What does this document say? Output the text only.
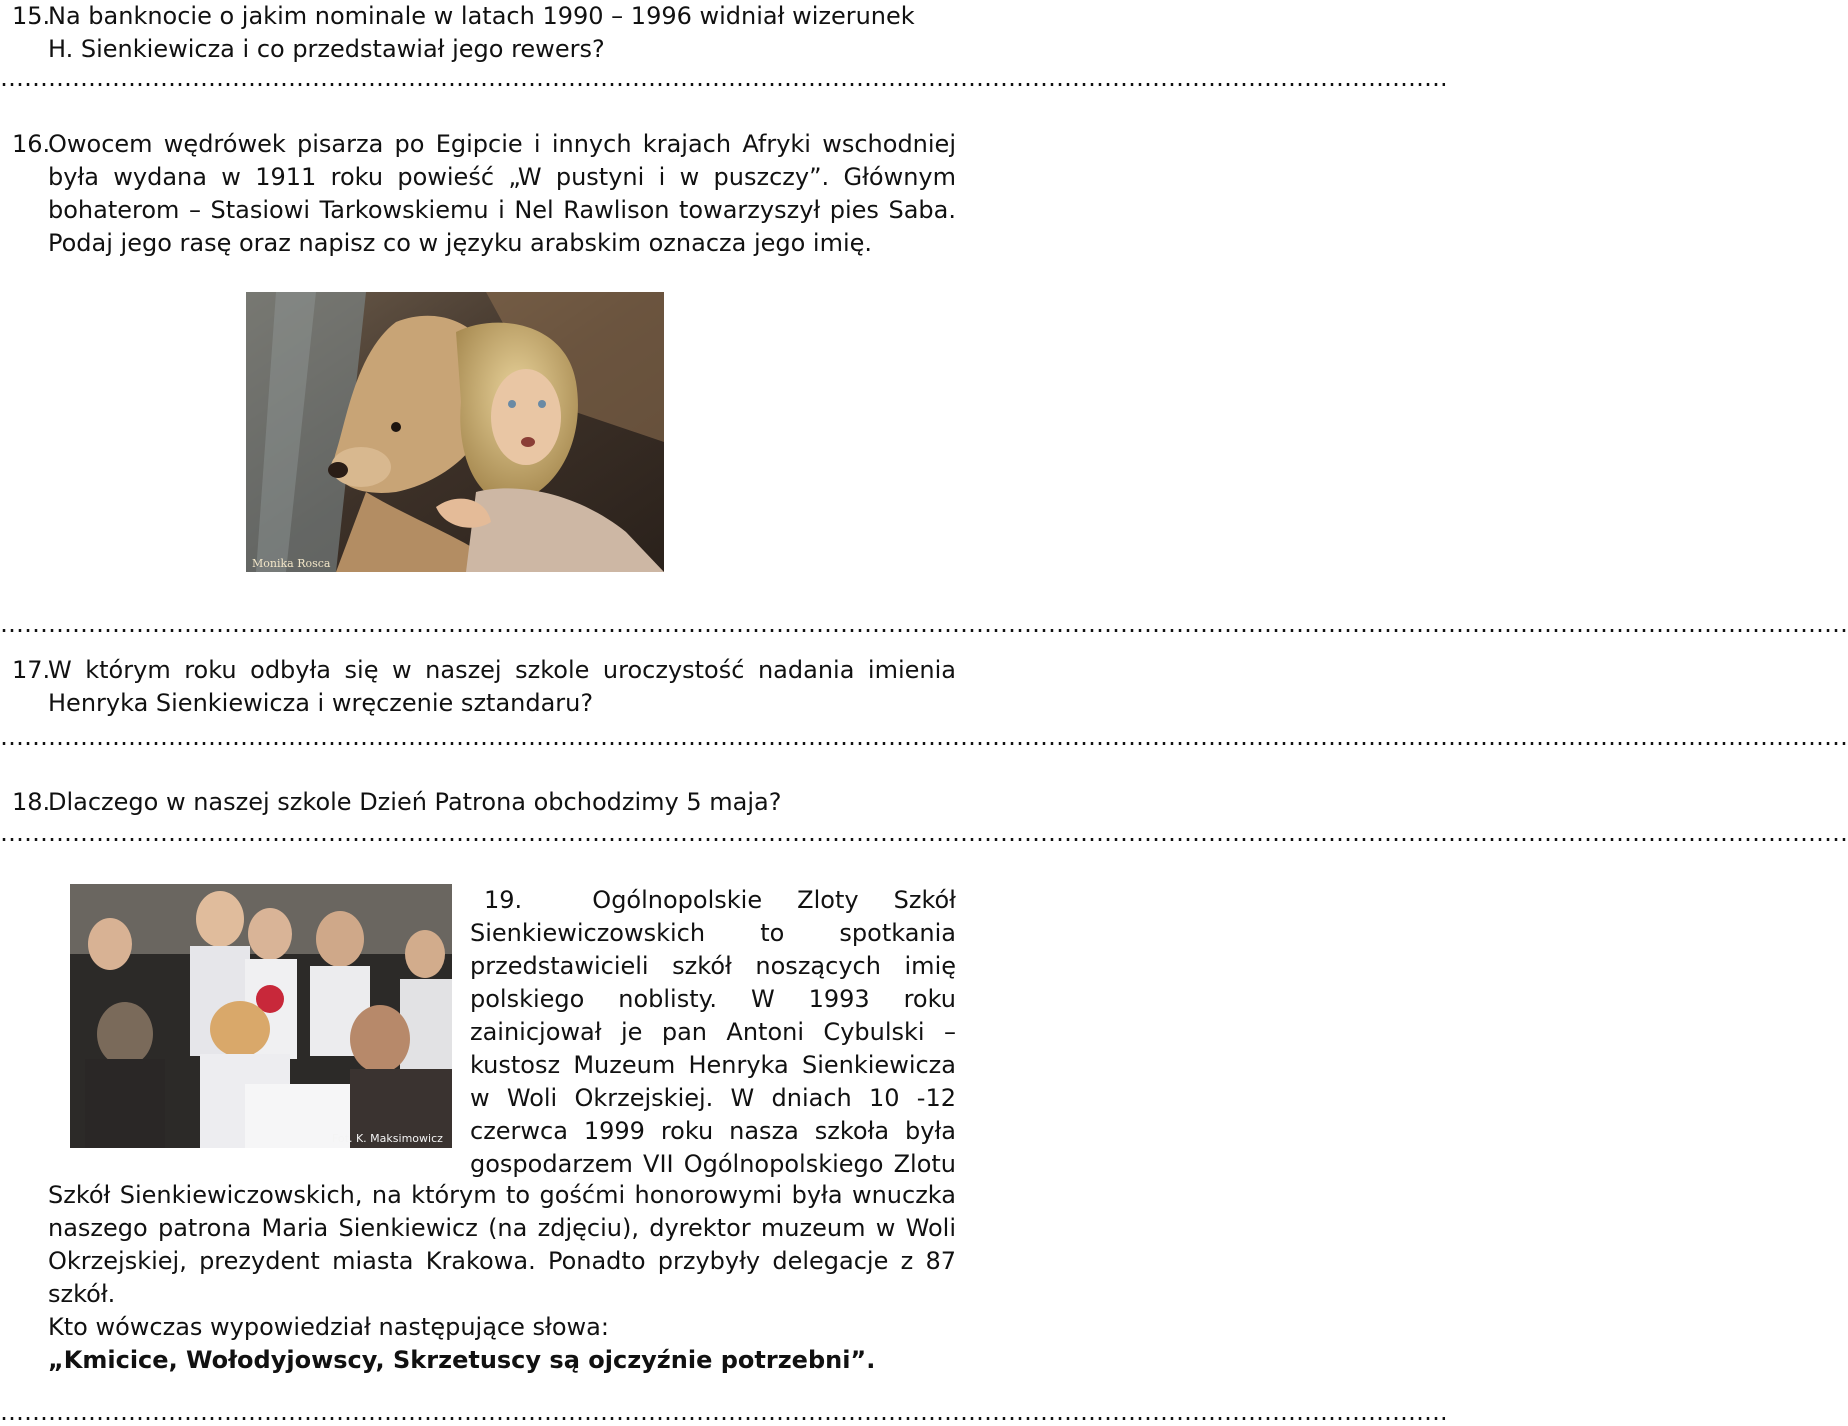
15.Na banknocie o jakim nominale w latach 1990 – 1996 widniał wizerunek
H. Sienkiewicza i co przedstawiał jego rewers?
……………………………………………………………………………………………………………………………………………………………….
16.Owocem wędrówek pisarza po Egipcie i innych krajach Afryki wschodniej
była wydana w 1911 roku powieść „W pustyni i w puszczy”. Głównym
bohaterom – Stasiowi Tarkowskiemu i Nel Rawlison towarzyszył pies Saba.
Podaj jego rasę oraz napisz co w języku arabskim oznacza jego imię.
Monika Rosca
……………………………………………………………………………………………………………………………………………………………………………………………………………
17.W którym roku odbyła się w naszej szkole uroczystość nadania imienia
Henryka Sienkiewicza i wręczenie sztandaru?
……………………………………………………………………………………………………………………………………………………………………………………………………………
18.Dlaczego w naszej szkole Dzień Patrona obchodzimy 5 maja?
……………………………………………………………………………………………………………………………………………………………………………………………………………
Fot. K. Maksimowicz
19.	Ogólnopolskie Zloty Szkół
Sienkiewiczowskich to spotkania
przedstawicieli szkół noszących imię
polskiego noblisty. W 1993 roku
zainicjował je pan Antoni Cybulski –
kustosz Muzeum Henryka Sienkiewicza
w Woli Okrzejskiej. W dniach 10 -12
czerwca 1999 roku nasza szkoła była
gospodarzem VII Ogólnopolskiego Zlotu
Szkół Sienkiewiczowskich, na którym to gośćmi honorowymi była wnuczka
naszego patrona Maria Sienkiewicz (na zdjęciu), dyrektor muzeum w Woli
Okrzejskiej, prezydent miasta Krakowa. Ponadto przybyły delegacje z 87
szkół.
Kto wówczas wypowiedział następujące słowa:
„Kmicice, Wołodyjowscy, Skrzetuscy są ojczyźnie potrzebni”.
……………………………………………………………………………………………………………………………………………………………….
